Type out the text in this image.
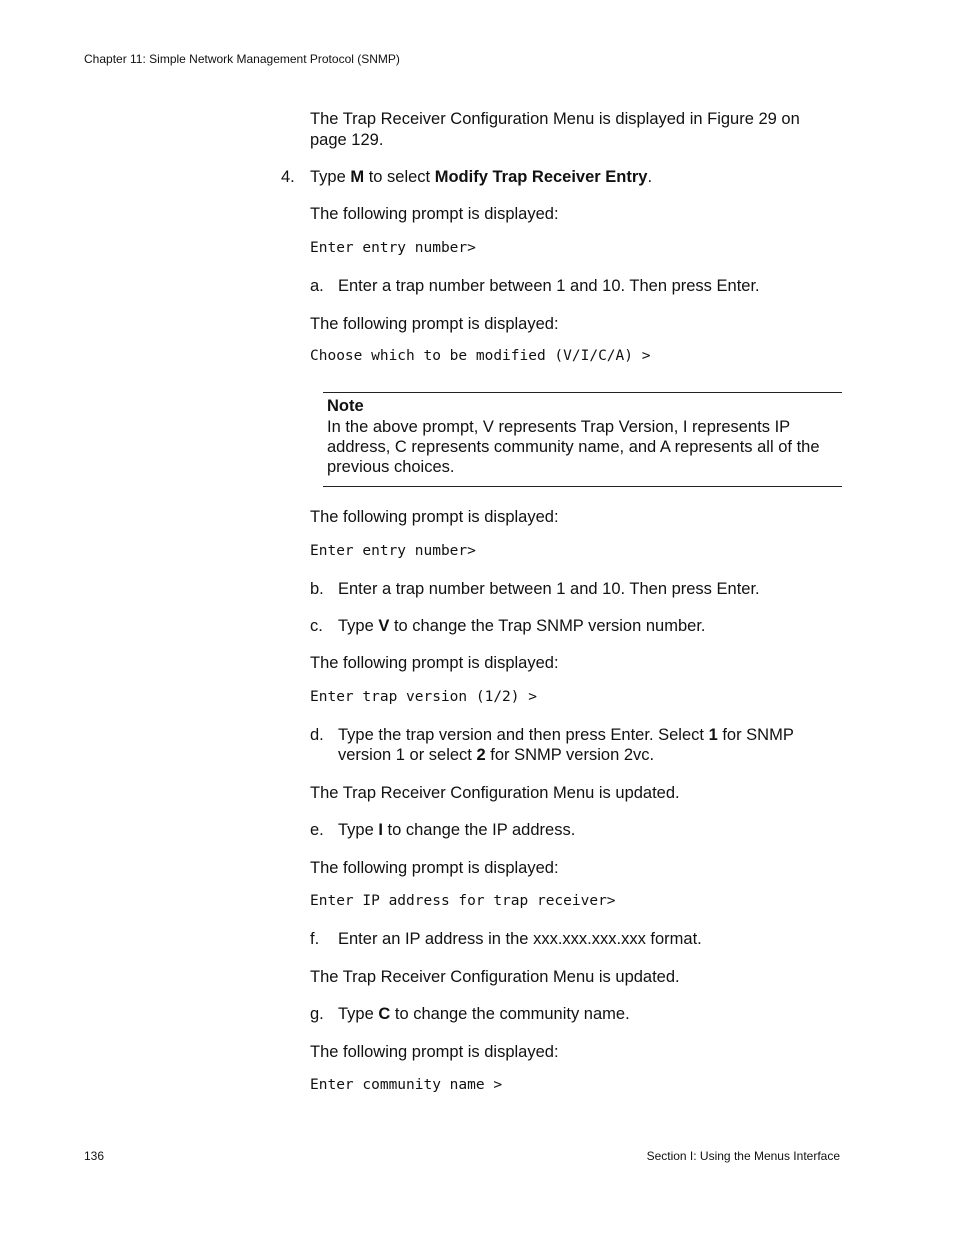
Chapter 11: Simple Network Management Protocol (SNMP)
The Trap Receiver Configuration Menu is displayed in Figure 29 on
page 129.
4. Type M to select Modify Trap Receiver Entry.
The following prompt is displayed:
Enter entry number>
a. Enter a trap number between 1 and 10. Then press Enter.
The following prompt is displayed:
Choose which to be modified (V/I/C/A) >
Note
In the above prompt, V represents Trap Version, I represents IP
address, C represents community name, and A represents all of the
previous choices.
The following prompt is displayed:
Enter entry number>
b. Enter a trap number between 1 and 10. Then press Enter.
c. Type V to change the Trap SNMP version number.
The following prompt is displayed:
Enter trap version (1/2) >
d. Type the trap version and then press Enter. Select 1 for SNMP
version 1 or select 2 for SNMP version 2vc.
The Trap Receiver Configuration Menu is updated.
e. Type I to change the IP address.
The following prompt is displayed:
Enter IP address for trap receiver>
f. Enter an IP address in the xxx.xxx.xxx.xxx format.
The Trap Receiver Configuration Menu is updated.
g. Type C to change the community name.
The following prompt is displayed:
Enter community name >
136	Section I: Using the Menus Interface
